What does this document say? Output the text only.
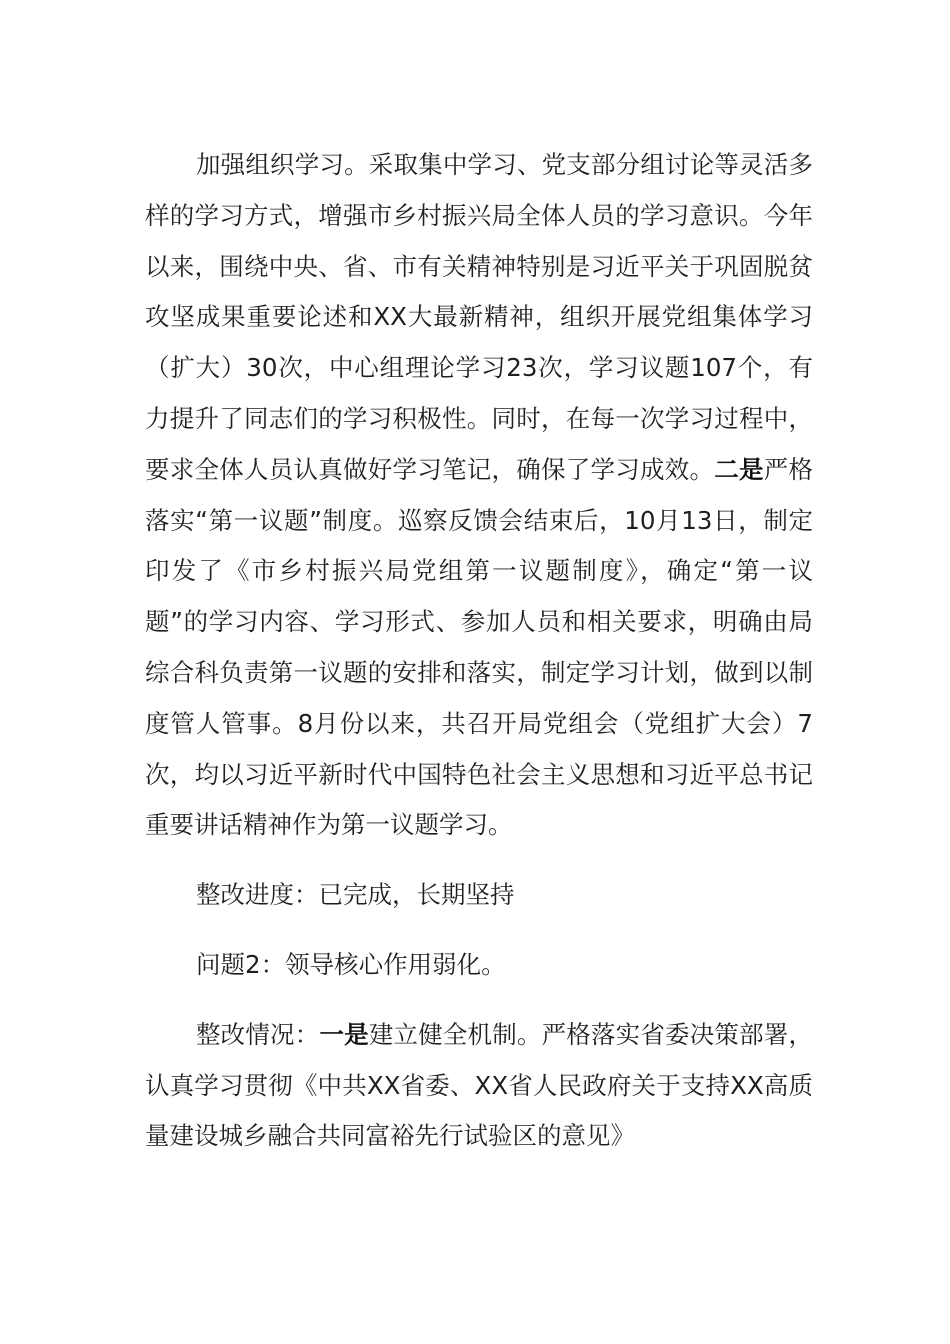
加强组织学习。采取集中学习、党支部分组讨论等灵活多样的学习方式，增强市乡村振兴局全体人员的学习意识。今年以来，围绕中央、省、市有关精神特别是习近平关于巩固脱贫攻坚成果重要论述和XX大最新精神，组织开展党组集体学习（扩大）30次，中心组理论学习23次，学习议题107个，有力提升了同志们的学习积极性。同时，在每一次学习过程中，要求全体人员认真做好学习笔记，确保了学习成效。二是严格落实“第一议题”制度。巡察反馈会结束后，10月13日，制定印发了《市乡村振兴局党组第一议题制度》，确定“第一议题”的学习内容、学习形式、参加人员和相关要求，明确由局综合科负责第一议题的安排和落实，制定学习计划，做到以制度管人管事。8月份以来，共召开局党组会（党组扩大会）7次，均以习近平新时代中国特色社会主义思想和习近平总书记重要讲话精神作为第一议题学习。

整改进度：已完成，长期坚持

问题2：领导核心作用弱化。

整改情况：一是建立健全机制。严格落实省委决策部署，认真学习贯彻《中共XX省委、XX省人民政府关于支持XX高质量建设城乡融合共同富裕先行试验区的意见》
